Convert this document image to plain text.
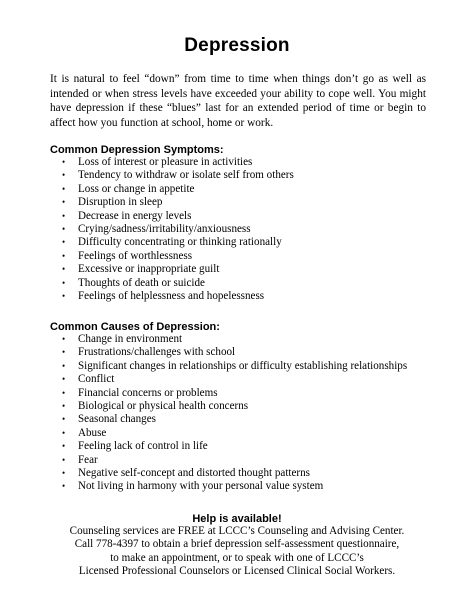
Depression

It is natural to feel “down” from time to time when things don’t go as well as intended or when stress levels have exceeded your ability to cope well. You might have depression if these “blues” last for an extended period of time or begin to affect how you function at school, home or work.

Common Depression Symptoms:
•	Loss of interest or pleasure in activities
•	Tendency to withdraw or isolate self from others
•	Loss or change in appetite
•	Disruption in sleep
•	Decrease in energy levels
•	Crying/sadness/irritability/anxiousness
•	Difficulty concentrating or thinking rationally
•	Feelings of worthlessness
•	Excessive or inappropriate guilt
•	Thoughts of death or suicide
•	Feelings of helplessness and hopelessness
Common Causes of Depression:
•	Change in environment
•	Frustrations/challenges with school
•	Significant changes in relationships or difficulty establishing relationships
•	Conflict
•	Financial concerns or problems
•	Biological or physical health concerns
•	Seasonal changes
•	Abuse
•	Feeling lack of control in life
•	Fear
•	Negative self-concept and distorted thought patterns
•	Not living in harmony with your personal value system
Help is available!
Counseling services are FREE at LCCC’s Counseling and Advising Center.
Call 778-4397 to obtain a brief depression self-assessment questionnaire,
to make an appointment, or to speak with one of LCCC’s
Licensed Professional Counselors or Licensed Clinical Social Workers.
